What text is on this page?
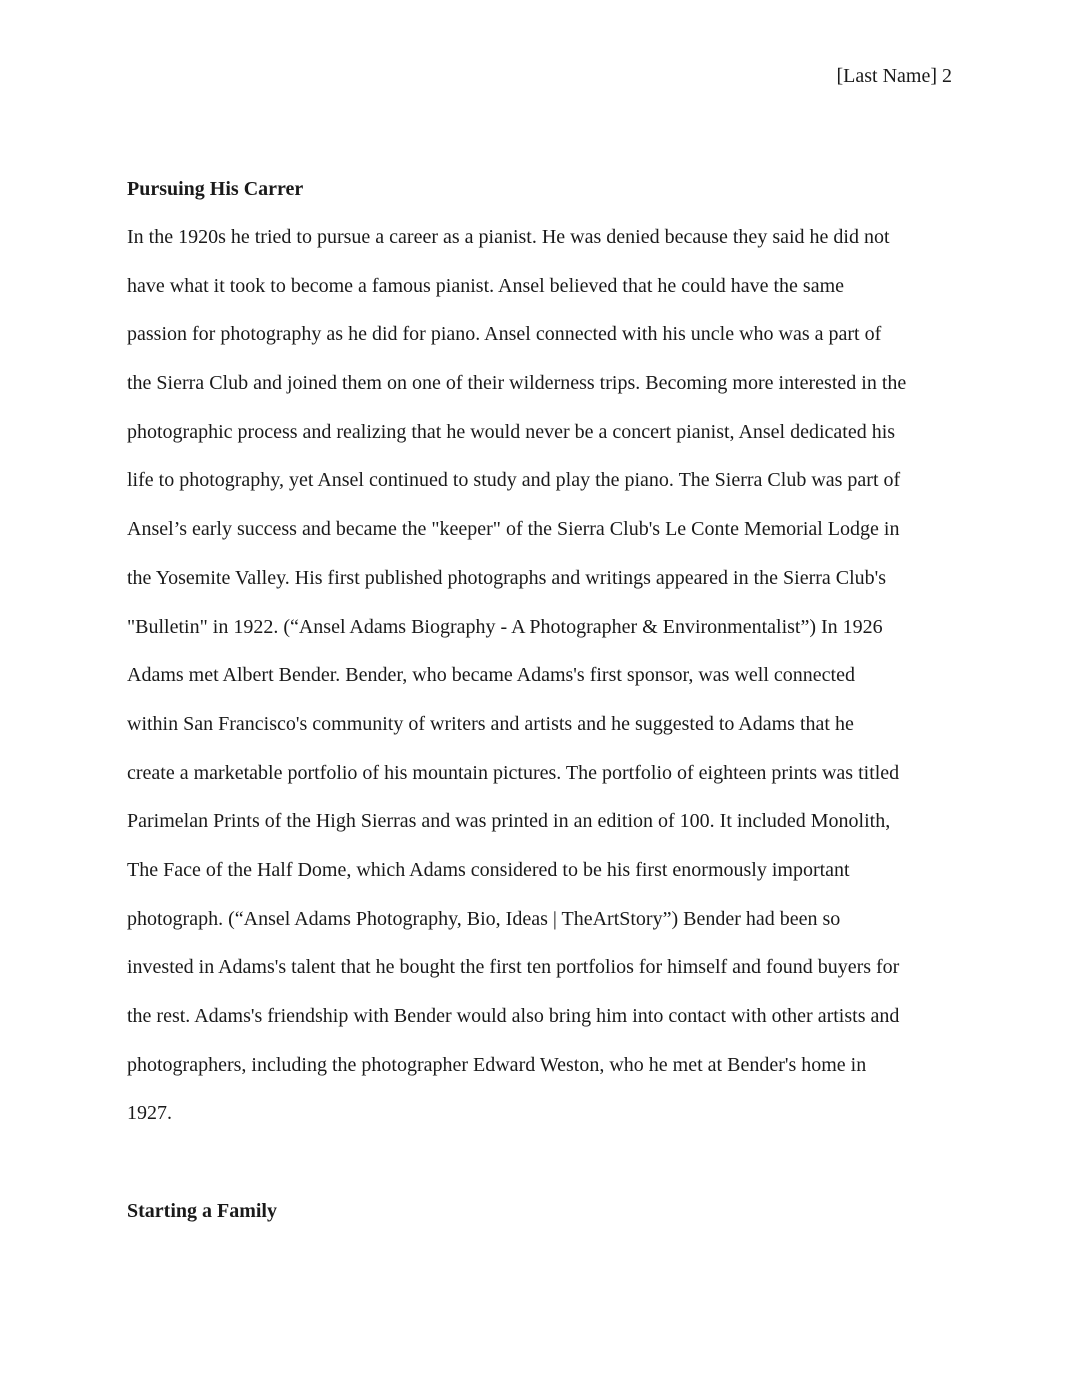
[Last Name] 2
Pursuing His Carrer
In the 1920s he tried to pursue a career as a pianist. He was denied because they said he did not
have what it took to become a famous pianist. Ansel believed that he could have the same
passion for photography as he did for piano. Ansel connected with his uncle who was a part of
the Sierra Club and joined them on one of their wilderness trips. Becoming more interested in the
photographic process and realizing that he would never be a concert pianist, Ansel dedicated his
life to photography, yet Ansel continued to study and play the piano. The Sierra Club was part of
Ansel’s early success and became the "keeper" of the Sierra Club's Le Conte Memorial Lodge in
the Yosemite Valley. His first published photographs and writings appeared in the Sierra Club's
"Bulletin" in 1922. (“Ansel Adams Biography - A Photographer & Environmentalist”) In 1926
Adams met Albert Bender. Bender, who became Adams's first sponsor, was well connected
within San Francisco's community of writers and artists and he suggested to Adams that he
create a marketable portfolio of his mountain pictures. The portfolio of eighteen prints was titled
Parimelan Prints of the High Sierras and was printed in an edition of 100. It included Monolith,
The Face of the Half Dome, which Adams considered to be his first enormously important
photograph. (“Ansel Adams Photography, Bio, Ideas | TheArtStory”) Bender had been so
invested in Adams's talent that he bought the first ten portfolios for himself and found buyers for
the rest. Adams's friendship with Bender would also bring him into contact with other artists and
photographers, including the photographer Edward Weston, who he met at Bender's home in
1927.
Starting a Family
